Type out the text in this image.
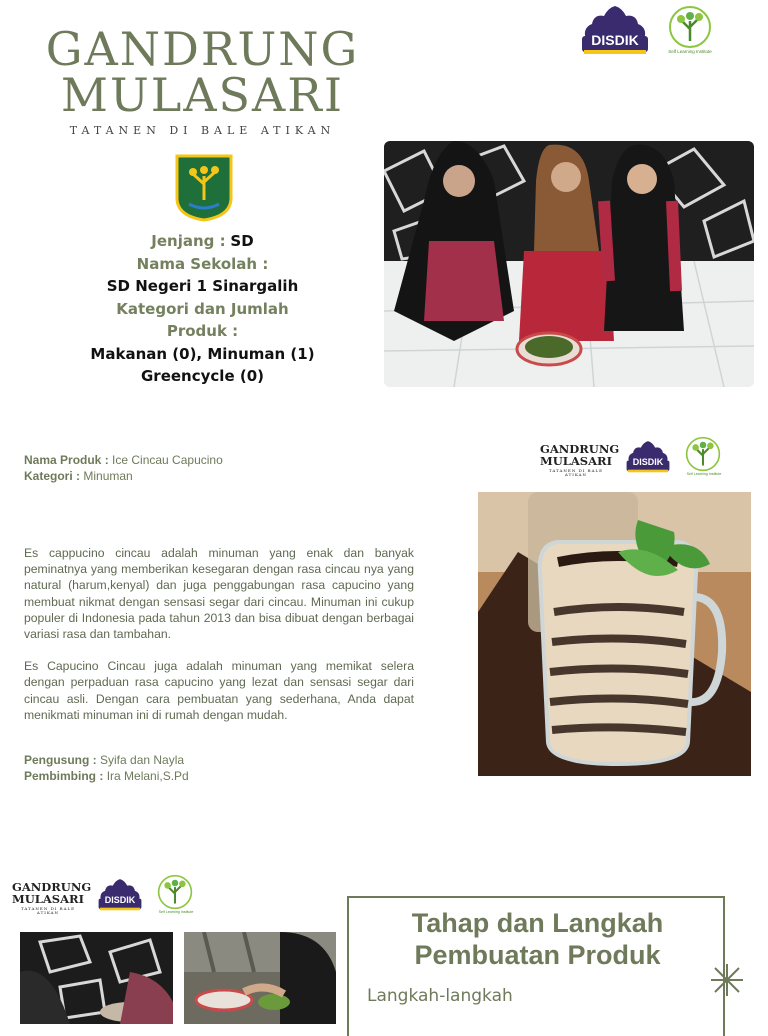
GANDRUNG MULASARI
TATANEN DI BALE ATIKAN
DISDIK
Self Learning Institute
Jenjang : SD
Nama Sekolah :
SD Negeri 1 Sinargalih
Kategori dan Jumlah Produk :
Makanan (0), Minuman (1)
Greencycle (0)
Nama Produk : Ice Cincau Capucino
Kategori : Minuman
GANDRUNG MULASARI
TATANEN DI BALE ATIKAN
DISDIK
Self Learning Institute

Es cappucino cincau adalah minuman yang enak dan banyak peminatnya yang memberikan kesegaran dengan rasa cincau nya yang natural (harum,kenyal) dan juga penggabungan rasa capucino yang membuat nikmat dengan sensasi segar dari cincau. Minuman ini cukup populer di Indonesia pada tahun 2013 dan bisa dibuat dengan berbagai variasi rasa dan tambahan.

Es Capucino Cincau juga adalah minuman yang memikat selera dengan perpaduan rasa capucino yang lezat dan sensasi segar dari cincau asli. Dengan cara pembuatan yang sederhana, Anda dapat menikmati minuman ini di rumah dengan mudah.

Pengusung : Syifa dan Nayla
Pembimbing : Ira Melani,S.Pd
GANDRUNG MULASARI
TATANEN DI BALE ATIKAN
DISDIK
Self Learning Institute	Tahap dan Langkah Pembuatan Produk
Langkah-langkah
